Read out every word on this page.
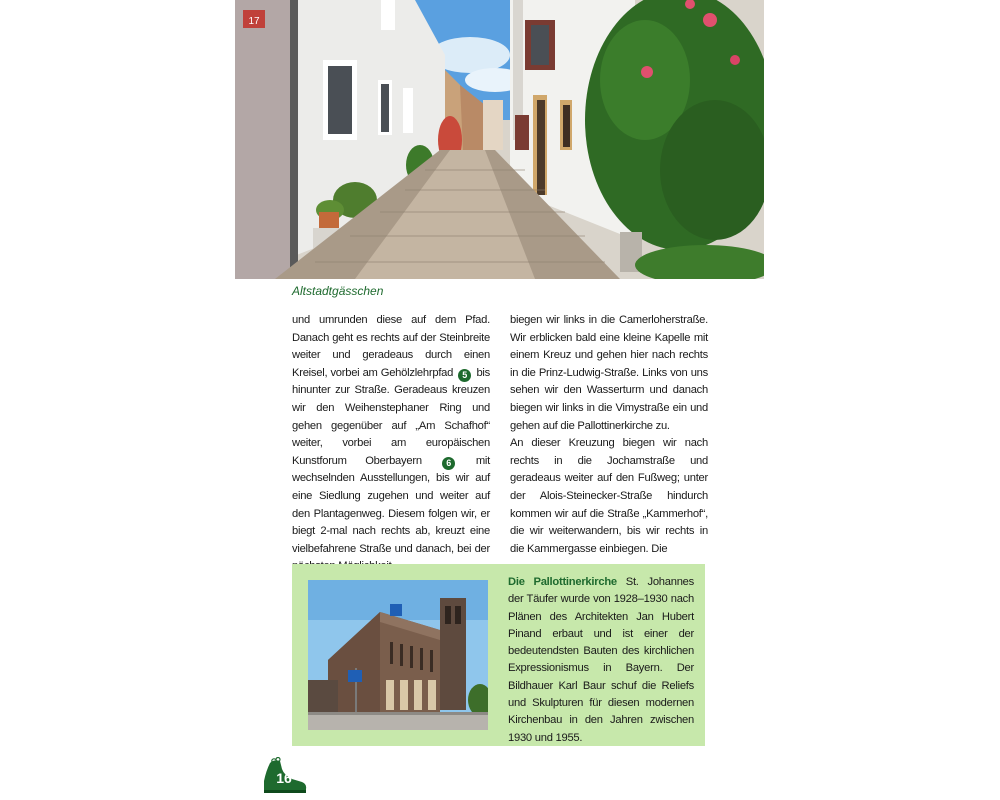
17
Altstadtgässchen

und umrunden diese auf dem Pfad. Danach geht es rechts auf der Steinbreite weiter und geradeaus durch einen Kreisel, vorbei am Gehölzlehrpfad 5 bis hinunter zur Straße. Geradeaus kreuzen wir den Weihenstephaner Ring und gehen gegenüber auf „Am Schafhof“ weiter, vorbei am europäischen Kunstforum Oberbayern	6 mit wechselnden Ausstellungen, bis wir auf eine Siedlung zugehen und weiter auf den Plantagenweg. Diesem folgen wir, er biegt 2-mal nach rechts ab, kreuzt eine vielbefahrene Straße und danach, bei der

biegen wir links in die Camerloherstraße. Wir erblicken bald eine kleine Kapelle mit einem Kreuz und gehen hier nach rechts in die Prinz-Ludwig-Straße. Links von uns sehen wir den Wasserturm und danach biegen wir links in die Vimystraße ein und gehen auf die Pallottinerkirche zu.

An dieser Kreuzung biegen wir nach rechts in die Jochamstraße und geradeaus weiter auf den Fußweg; unter der Alois-Steinecker-Straße hindurch kommen wir auf die Straße „Kammerhof“, die wir weiterwandern, bis wir rechts in die Kammergasse einbiegen. Die

Die Pallottinerkirche St. Johannes der Täufer wurde von 1928–1930 nach Plänen des Architekten Jan Hubert Pinand erbaut und ist einer der bedeutendsten Bauten des kirchlichen Expressionismus in Bayern. Der Bildhauer Karl Baur schuf die Reliefs und Skulpturen für diesen modernen Kirchenbau in den Jahren zwischen 1930 und 1955.
16
